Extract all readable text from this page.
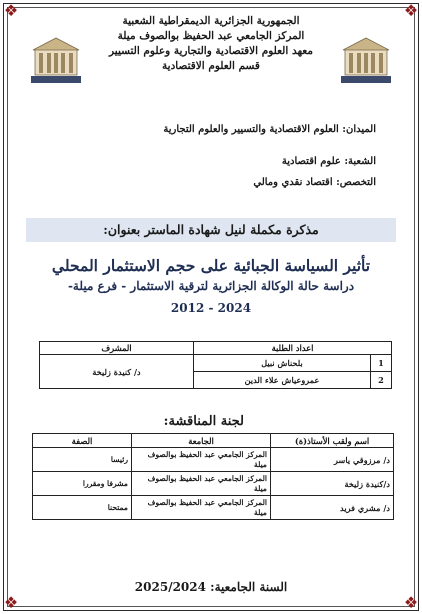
❖	❖
❖	❖
الجمهورية الجزائرية الديمقراطية الشعبية
المركز الجامعي عبد الحفيظ بوالصوف ميلة
معهد العلوم الاقتصادية والتجارية وعلوم التسيير
قسم العلوم الاقتصادية
الميدان: العلوم الاقتصادية والتسيير والعلوم التجارية
الشعبة: علوم اقتصادية
التخصص: اقتصاد نقدي ومالي
مذكرة مكملة لنيل شهادة الماستر بعنوان:
تأثير السياسة الجبائية على حجم الاستثمار المحلي
دراسة حالة الوكالة الجزائرية لترقية الاستثمار - فرع ميلة-
2012 - 2024
اعداد الطلبة		المشرف
1	بلحناش نبيل	د/ كنيدة زليخة
2	عمروعياش علاء الدين	
لجنة المناقشة:
اسم ولقب الأستاذ(ة)	الجامعة	الصفة
د/ مرزوقي ياسر	المركز الجامعي عبد الحفيظ بوالصوف ميلة	رئيسا
د/كنيدة زليخة	المركز الجامعي عبد الحفيظ بوالصوف ميلة	مشرفا ومقررا
د/ مشري فريد	المركز الجامعي عبد الحفيظ بوالصوف ميلة	ممتحنا
السنة الجامعية: 2025/2024
